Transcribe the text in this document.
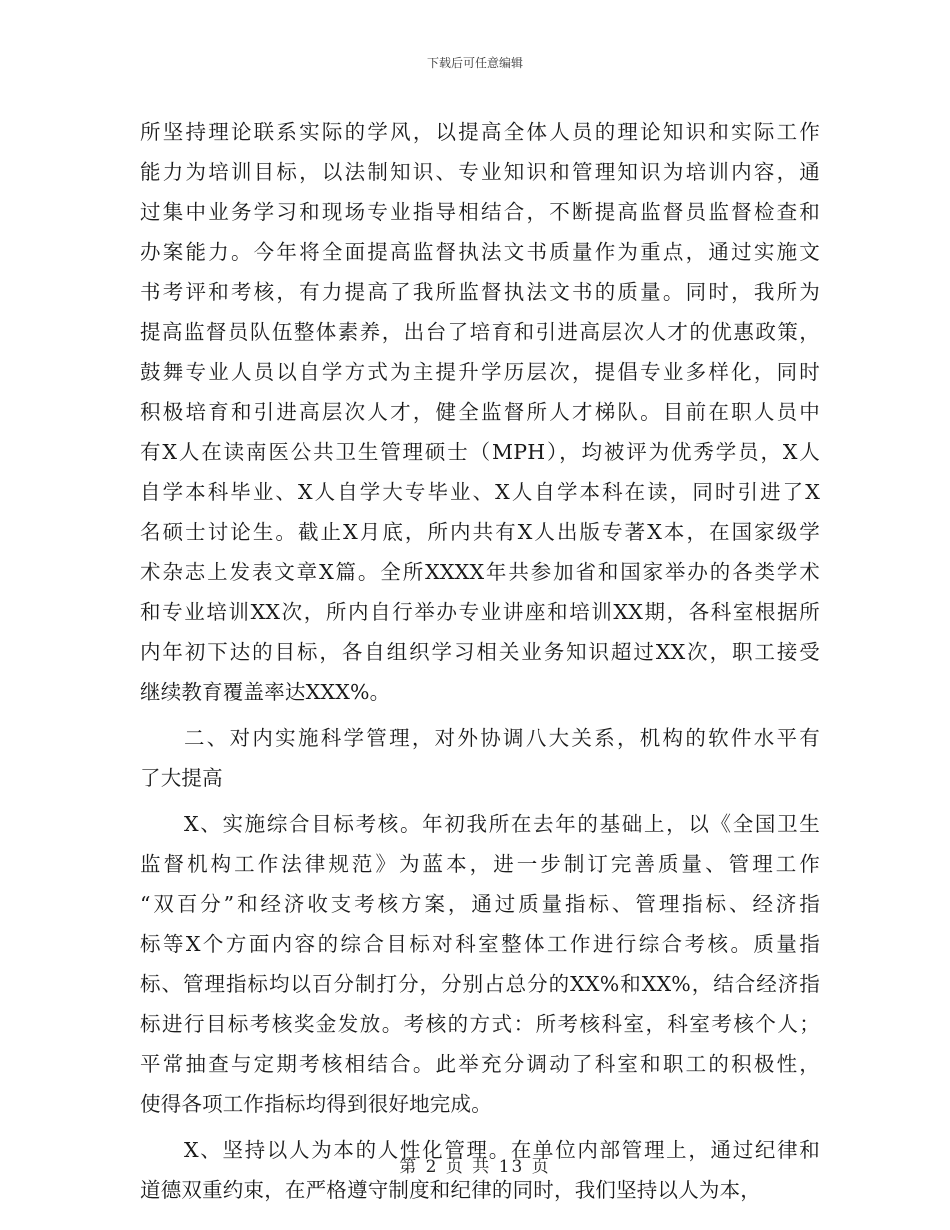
下载后可任意编辑
所坚持理论联系实际的学风，以提高全体人员的理论知识和实际工作
能力为培训目标，以法制知识、专业知识和管理知识为培训内容，通
过集中业务学习和现场专业指导相结合，不断提高监督员监督检查和
办案能力。今年将全面提高监督执法文书质量作为重点，通过实施文
书考评和考核，有力提高了我所监督执法文书的质量。同时，我所为
提高监督员队伍整体素养，出台了培育和引进高层次人才的优惠政策，
鼓舞专业人员以自学方式为主提升学历层次，提倡专业多样化，同时
积极培育和引进高层次人才，健全监督所人才梯队。目前在职人员中
有X人在读南医公共卫生管理硕士（MPH），均被评为优秀学员，X人
自学本科毕业、X人自学大专毕业、X人自学本科在读，同时引进了X
名硕士讨论生。截止X月底，所内共有X人出版专著X本，在国家级学
术杂志上发表文章X篇。全所XXXX年共参加省和国家举办的各类学术
和专业培训XX次，所内自行举办专业讲座和培训XX期，各科室根据所
内年初下达的目标，各自组织学习相关业务知识超过XX次，职工接受
继续教育覆盖率达XXX%。
二、对内实施科学管理，对外协调八大关系，机构的软件水平有
了大提高
X、实施综合目标考核。年初我所在去年的基础上，以《全国卫生
监督机构工作法律规范》为蓝本，进一步制订完善质量、管理工作
“双百分”和经济收支考核方案，通过质量指标、管理指标、经济指
标等X个方面内容的综合目标对科室整体工作进行综合考核。质量指
标、管理指标均以百分制打分，分别占总分的XX%和XX%，结合经济指
标进行目标考核奖金发放。考核的方式：所考核科室，科室考核个人；
平常抽查与定期考核相结合。此举充分调动了科室和职工的积极性，
使得各项工作指标均得到很好地完成。
X、坚持以人为本的人性化管理。在单位内部管理上，通过纪律和
道德双重约束，在严格遵守制度和纪律的同时，我们坚持以人为本，
第 2 页 共 13 页
